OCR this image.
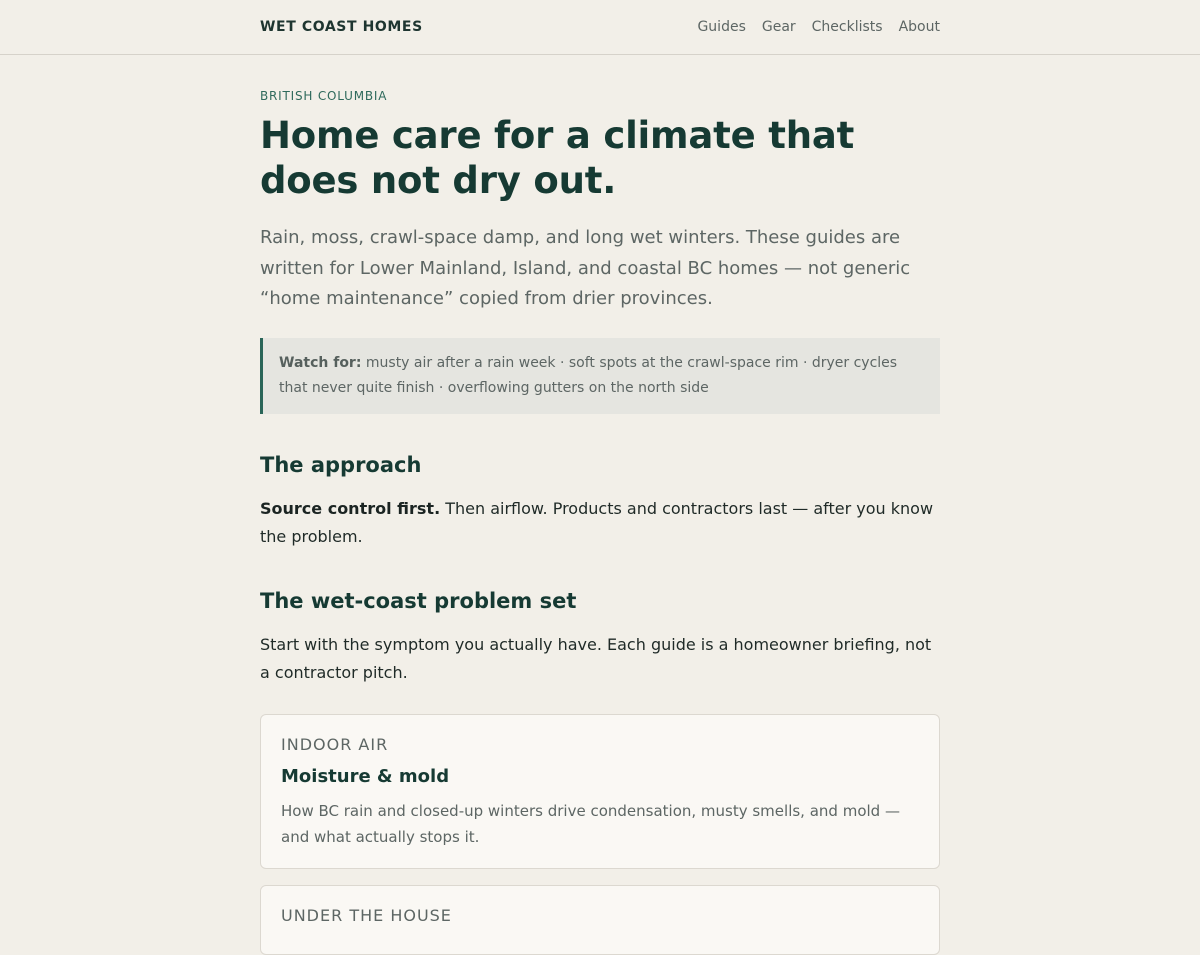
WET COAST HOMES	Guides Gear Checklists About
BRITISH COLUMBIA
Home care for a climate that does not dry out.

Rain, moss, crawl-space damp, and long wet winters. These guides are written for Lower Mainland, Island, and coastal BC homes — not generic “home maintenance” copied from drier provinces.

Watch for: musty air after a rain week · soft spots at the crawl-space rim · dryer cycles that never quite finish · overflowing gutters on the north side
The approach

Source control first. Then airflow. Products and contractors last — after you know the problem.

The wet-coast problem set

Start with the symptom you actually have. Each guide is a homeowner briefing, not a contractor pitch.

INDOOR AIR
Moisture & mold
How BC rain and closed-up winters drive condensation, musty smells, and mold — and what actually stops it.
UNDER THE HOUSE
